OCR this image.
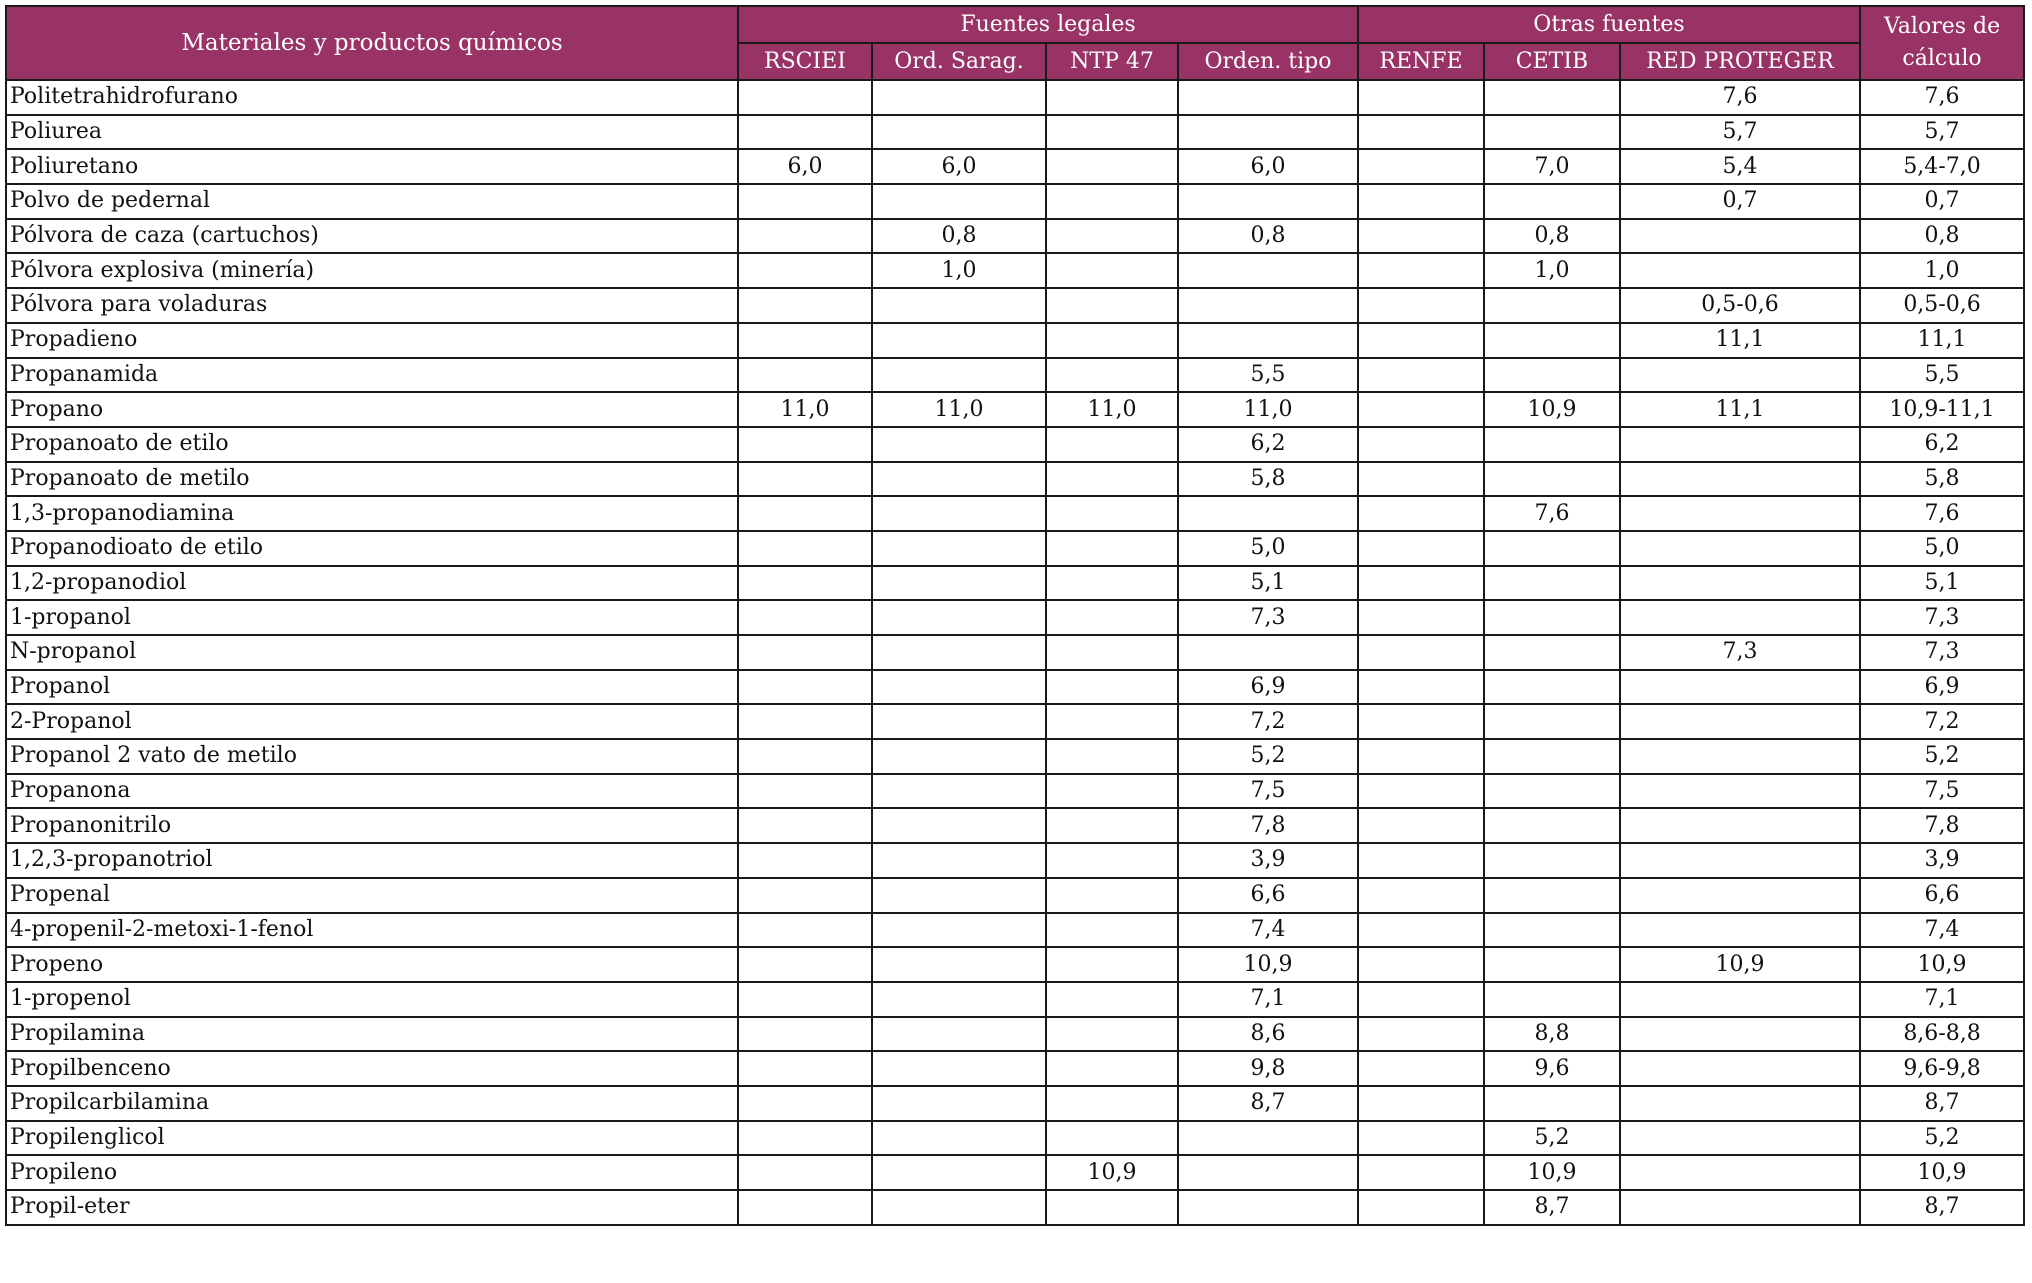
Materiales y productos químicos	Fuentes legales				Otras fuentes			Valores de
cálculo
	RSCIEI	Ord. Sarag.	NTP 47	Orden. tipo	RENFE	CETIB	RED PROTEGER	
Politetrahidrofurano							7,6	7,6
Poliurea							5,7	5,7
Poliuretano	6,0	6,0		6,0		7,0	5,4	5,4-7,0
Polvo de pedernal							0,7	0,7
Pólvora de caza (cartuchos)		0,8		0,8		0,8		0,8
Pólvora explosiva (minería)		1,0				1,0		1,0
Pólvora para voladuras							0,5-0,6	0,5-0,6
Propadieno							11,1	11,1
Propanamida				5,5				5,5
Propano	11,0	11,0	11,0	11,0		10,9	11,1	10,9-11,1
Propanoato de etilo				6,2				6,2
Propanoato de metilo				5,8				5,8
1,3-propanodiamina						7,6		7,6
Propanodioato de etilo				5,0				5,0
1,2-propanodiol				5,1				5,1
1-propanol				7,3				7,3
N-propanol							7,3	7,3
Propanol				6,9				6,9
2-Propanol				7,2				7,2
Propanol 2 vato de metilo				5,2				5,2
Propanona				7,5				7,5
Propanonitrilo				7,8				7,8
1,2,3-propanotriol				3,9				3,9
Propenal				6,6				6,6
4-propenil-2-metoxi-1-fenol				7,4				7,4
Propeno				10,9			10,9	10,9
1-propenol				7,1				7,1
Propilamina				8,6		8,8		8,6-8,8
Propilbenceno				9,8		9,6		9,6-9,8
Propilcarbilamina				8,7				8,7
Propilenglicol						5,2		5,2
Propileno			10,9			10,9		10,9
Propil-eter						8,7		8,7
